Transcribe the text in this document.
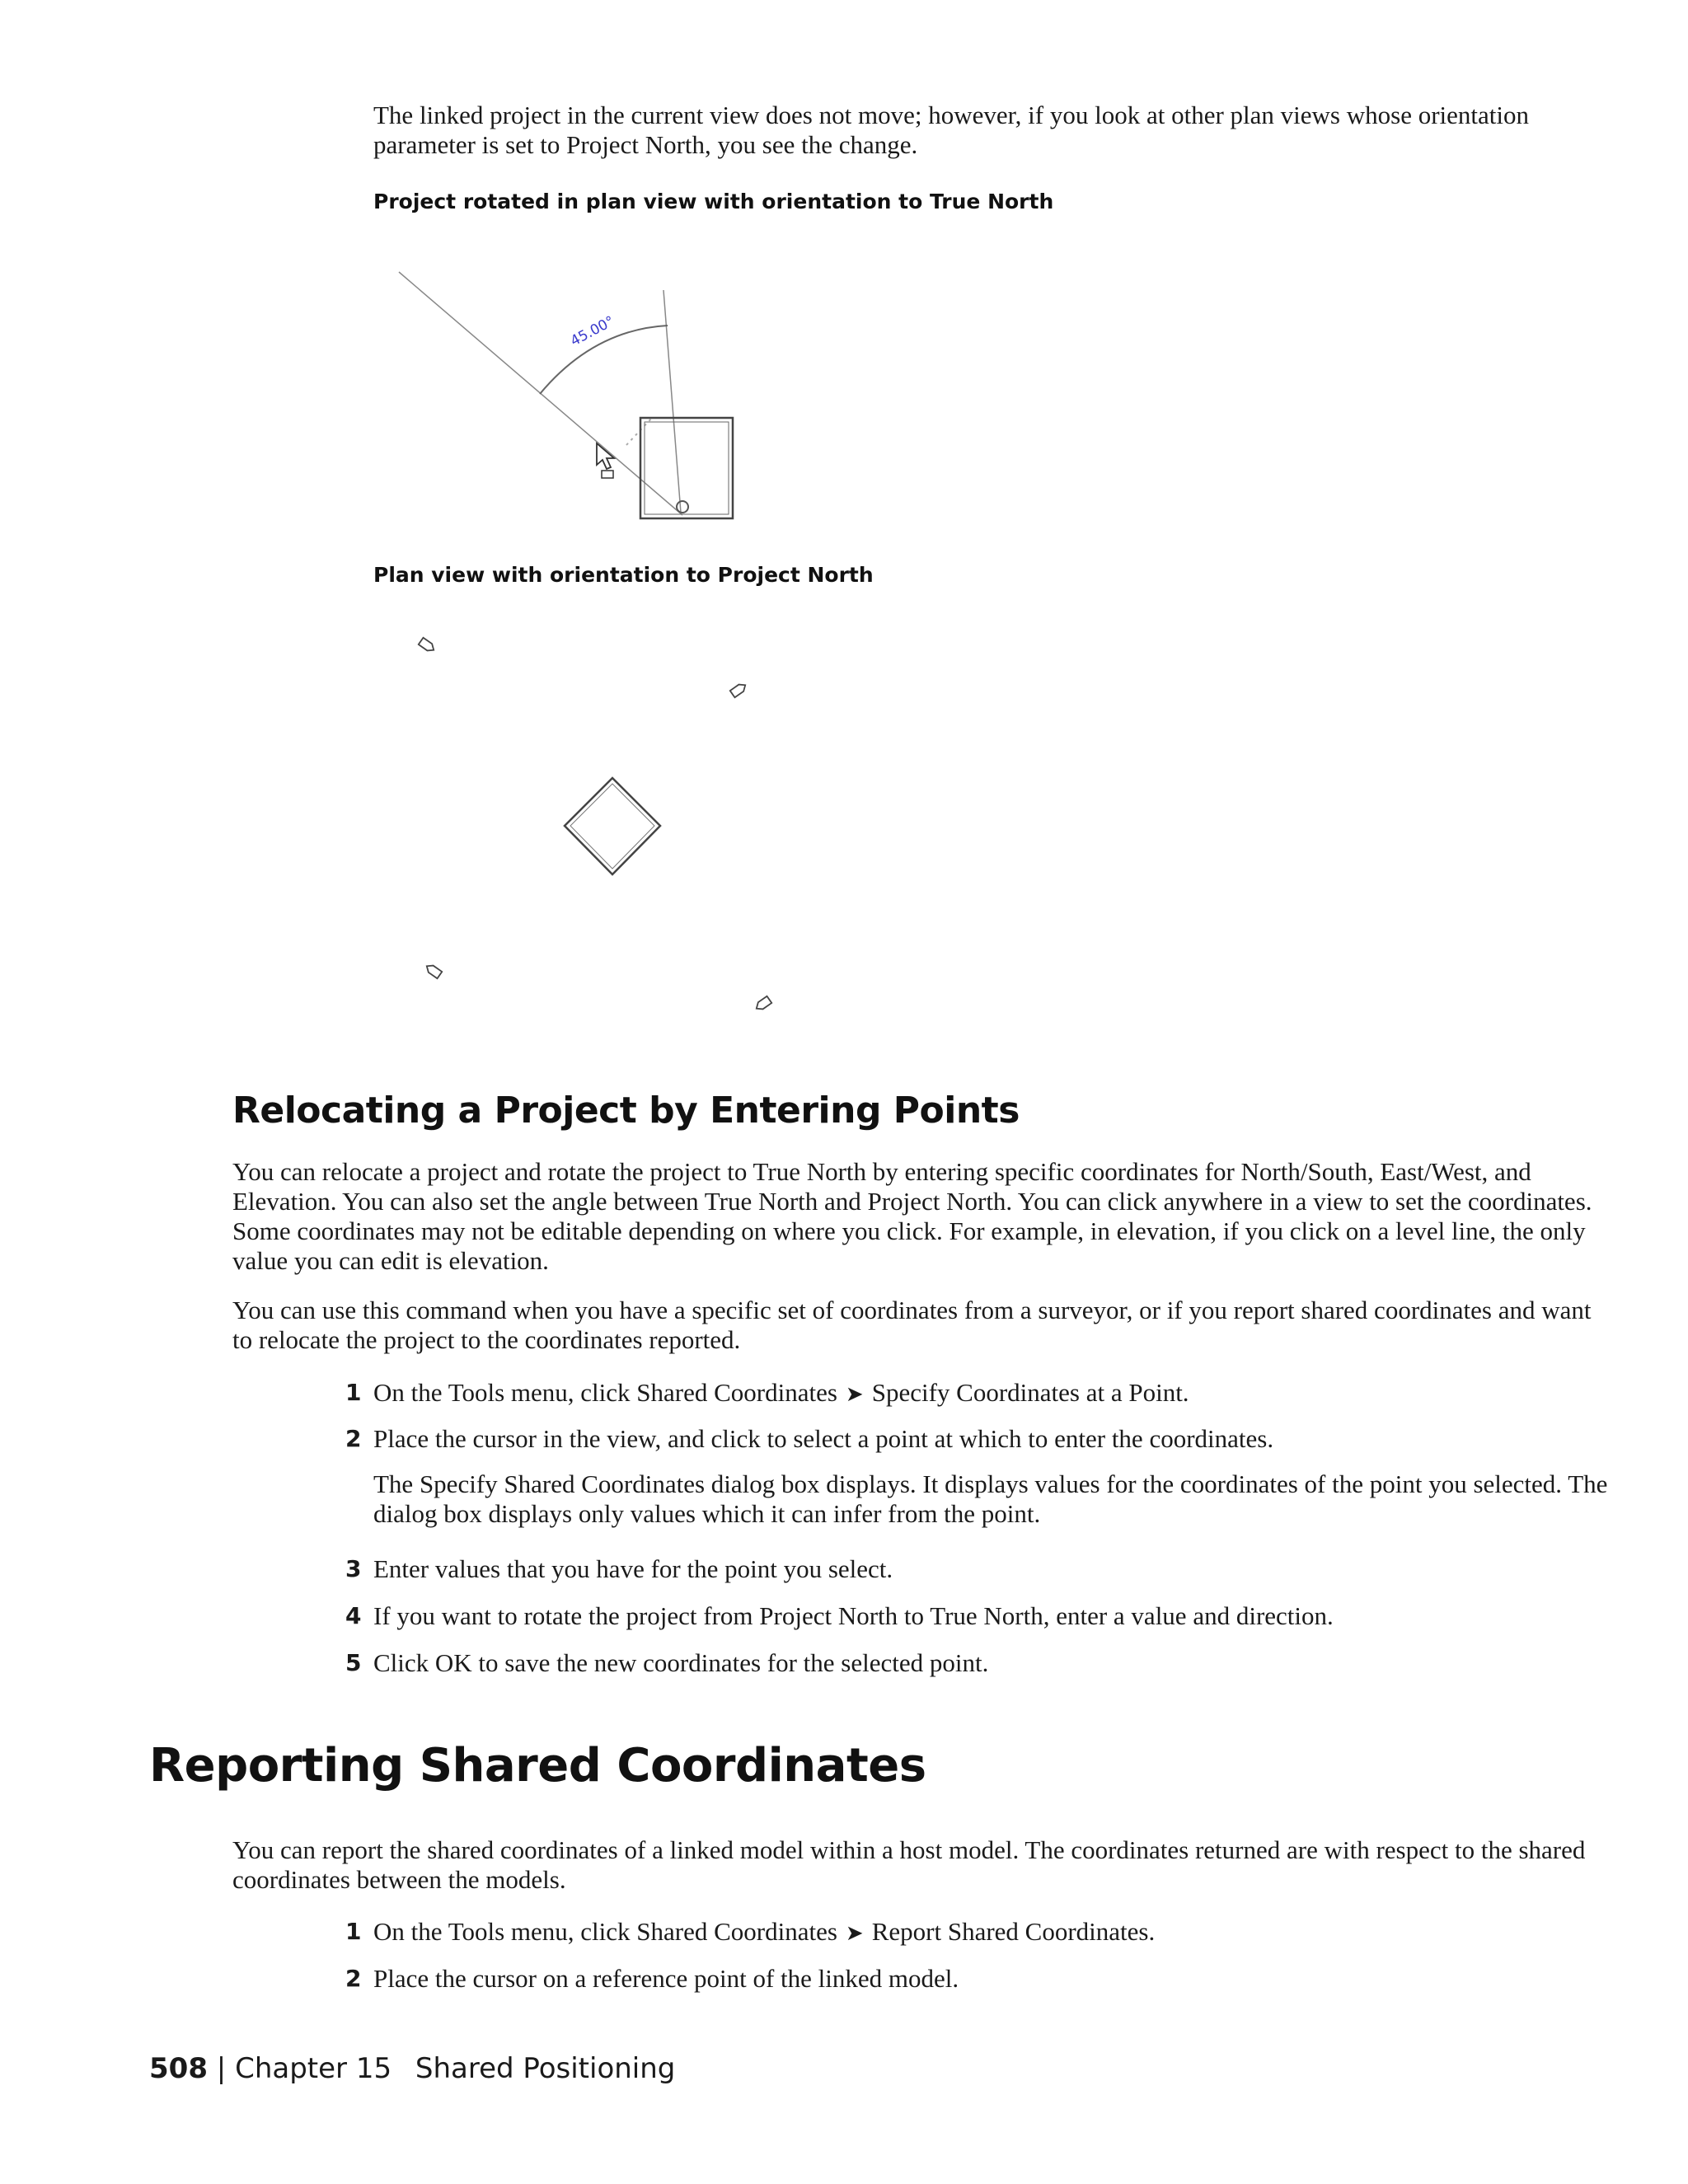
The linked project in the current view does not move; however, if you look at other plan views whose orientation parameter is set to Project North, you see the change.
Project rotated in plan view with orientation to True North
45.00°
Plan view with orientation to Project North
Relocating a Project by Entering Points
You can relocate a project and rotate the project to True North by entering specific coordinates for North/South, East/West, and Elevation. You can also set the angle between True North and Project North. You can click anywhere in a view to set the coordinates. Some coordinates may not be editable depending on where you click. For example, in elevation, if you click on a level line, the only value you can edit is elevation.
You can use this command when you have a specific set of coordinates from a surveyor, or if you report shared coordinates and want to relocate the project to the coordinates reported.
1 On the Tools menu, click Shared Coordinates ➤ Specify Coordinates at a Point.
2 Place the cursor in the view, and click to select a point at which to enter the coordinates.
The Specify Shared Coordinates dialog box displays. It displays values for the coordinates of the point you selected. The dialog box displays only values which it can infer from the point.
3 Enter values that you have for the point you select.
4 If you want to rotate the project from Project North to True North, enter a value and direction.
5 Click OK to save the new coordinates for the selected point.
Reporting Shared Coordinates
You can report the shared coordinates of a linked model within a host model. The coordinates returned are with respect to the shared coordinates between the models.
1 On the Tools menu, click Shared Coordinates ➤ Report Shared Coordinates.
2 Place the cursor on a reference point of the linked model.
508 | Chapter 15 Shared Positioning
